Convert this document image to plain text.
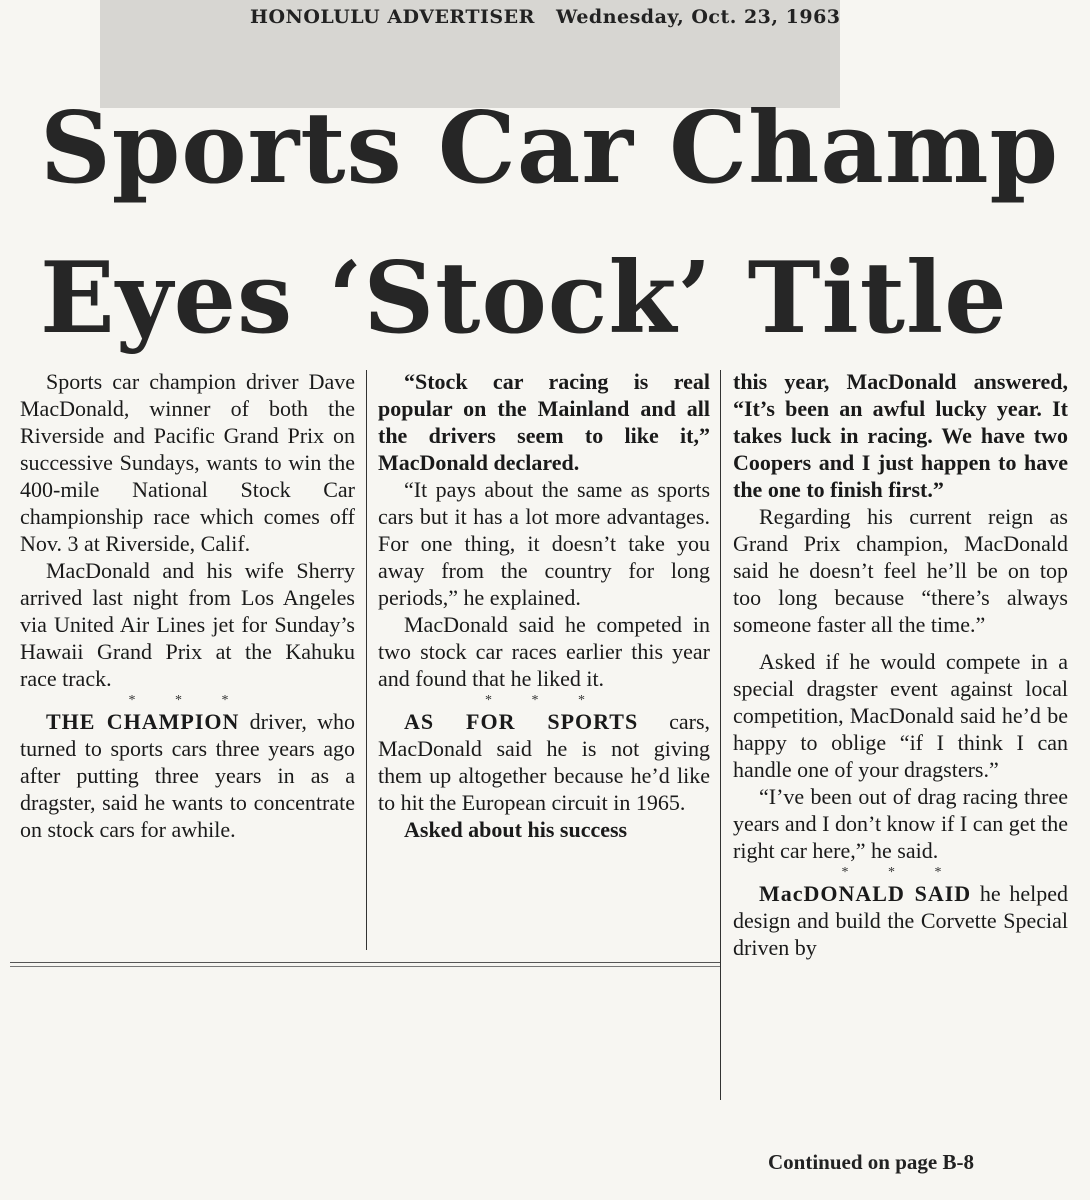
HONOLULU ADVERTISER Wednesday, Oct. 23, 1963
Sports Car Champ
Eyes ‘Stock’ Title

Sports car champion driver Dave MacDonald, winner of both the Riverside and Pacific Grand Prix on successive Sundays, wants to win the 400-mile National Stock Car championship race which comes off Nov. 3 at Riverside, Calif.

MacDonald and his wife Sherry arrived last night from Los Angeles via United Air Lines jet for Sunday’s Hawaii Grand Prix at the Kahuku race track.

* * *

THE CHAMPION driver, who turned to sports cars three years ago after putting three years in as a dragster, said he wants to concentrate on stock cars for awhile.

“Stock car racing is real popular on the Mainland and all the drivers seem to like it,” MacDonald declared.

“It pays about the same as sports cars but it has a lot more advantages. For one thing, it doesn’t take you away from the country for long periods,” he explained.

MacDonald said he competed in two stock car races earlier this year and found that he liked it.

* * *

AS FOR SPORTS cars, MacDonald said he is not giving them up altogether because he’d like to hit the European circuit in 1965.

Asked about his success

this year, MacDonald answered, “It’s been an awful lucky year. It takes luck in racing. We have two Coopers and I just happen to have the one to finish first.”

Regarding his current reign as Grand Prix champion, MacDonald said he doesn’t feel he’ll be on top too long because “there’s always someone faster all the time.”

Asked if he would compete in a special dragster event against local competition, MacDonald said he’d be happy to oblige “if I think I can handle one of your dragsters.”

“I’ve been out of drag racing three years and I don’t know if I can get the right car here,” he said.

* * *

MacDONALD SAID he helped design and build the Corvette Special driven by

Continued on page B-8
